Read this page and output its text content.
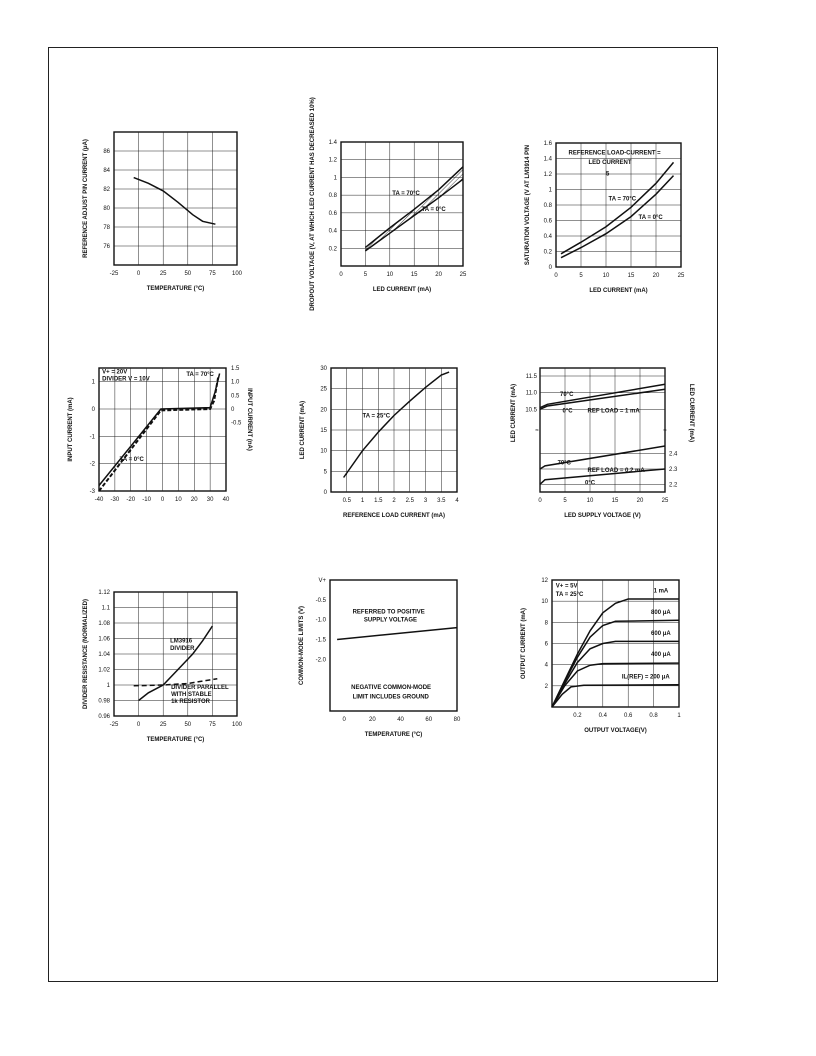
-25	0	25	50	75	100
76
78
80
82
84
86
TEMPERATURE (°C)
REFERENCE ADJUST PIN CURRENT (μA)
0	5	10	15	20	25
0.2
0.4
0.6
0.8
1
1.2
1.4
TA = 70°C
TA = 0°C
LED CURRENT (mA)
DROPOUT VOLTAGE (V, AT WHICH LED CURRENT HAS DECREASED 10%)	0	5	10	15	20	25
0
0.2
0.4
0.6
0.8
1
1.2
1.4
1.6
REFERENCE LOAD-CURRENT =
LED CURRENT
5
TA = 70°C
TA = 0°C
LED CURRENT (mA)
SATURATION VOLTAGE (V AT LM3914 PIN
-40 -30 -20 -10 0 10 20 30 40
-3
-2
-1
0
1
1.5
1.0
0.5
0
-0.5
V+ = 20V
DIVIDER V = 10V
TA = 70°C
TA = 0°C
INPUT CURRENT (mA)	INPUT CURRENT (nA)
0.5 1 1.5 2 2.5 3 3.5 4
0
5
10
15
20
25
30
TA = 25°C
REFERENCE LOAD CURRENT (mA)
LED CURRENT (mA)
0	5	10	15	20	25
11.5
11.0
10.5
2.4
2.3
2.2
≈	≈
70°C
0°C REF LOAD = 1 mA
70°C
REF LOAD = 0.2 mA
0°C
LED SUPPLY VOLTAGE (V)
LED CURRENT (mA)	LED CURRENT (mA)
-25	0	25	50	75	100
0.96
0.98
1
1.02
1.04
1.06
1.08
1.1
1.12
LM3916
DIVIDER
DIVIDER PARALLEL
WITH STABLE
1k RESISTOR
TEMPERATURE (°C)
DIVIDER RESISTANCE (NORMALIZED)
0	20	40	60	80
V+
-0.5
-1.0
-1.5
-2.0
REFERRED TO POSITIVE
SUPPLY VOLTAGE
NEGATIVE COMMON-MODE
LIMIT INCLUDES GROUND
TEMPERATURE (°C)
COMMON-MODE LIMITS (V)
0.2	0.4	0.6	0.8	1
2
4
6
8
10
12
V+ = 5V
TA = 25°C
1 mA
800 μA
600 μA
400 μA
IL(REF) = 200 μA
OUTPUT VOLTAGE(V)
OUTPUT CURRENT (mA)
